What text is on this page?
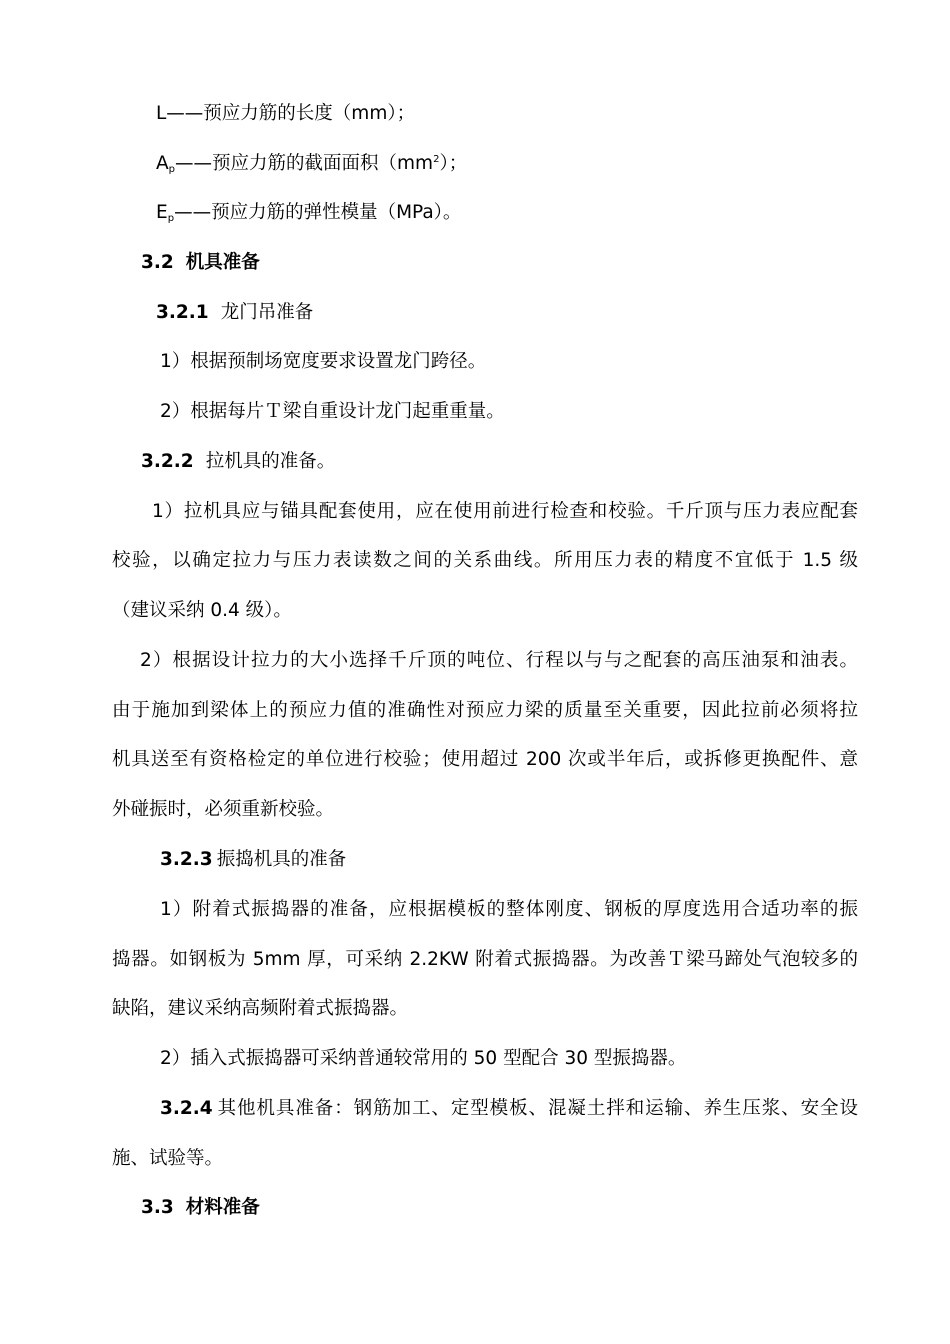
L——预应力筋的长度（mm）；
$A_p——$预应力筋的截面面积$(mm^2)$；
$E_p——$预应力筋的弹性模量（MPa）。
3.2 机具准备
3.2.1 龙门吊准备
1）根据预制场宽度要求设置龙门跨径。
2）根据每片Ｔ梁自重设计龙门起重重量。
3.2.2 拉机具的准备。
1）拉机具应与锚具配套使用，应在使用前进行检查和校验。千斤顶与压力表应配套
校验，以确定拉力与压力表读数之间的关系曲线。所用压力表的精度不宜低于 1.5 级
（建议采纳 0.4 级）。
2）根据设计拉力的大小选择千斤顶的吨位、行程以与与之配套的高压油泵和油表。
由于施加到梁体上的预应力值的准确性对预应力梁的质量至关重要，因此拉前必须将拉
机具送至有资格检定的单位进行校验；使用超过 200 次或半年后，或拆修更换配件、意
外碰振时，必须重新校验。
3.2.3 振捣机具的准备
1）附着式振捣器的准备，应根据模板的整体刚度、钢板的厚度选用合适功率的振
捣器。如钢板为 5mm 厚，可采纳 2.2KW 附着式振捣器。为改善Ｔ梁马蹄处气泡较多的
缺陷，建议采纳高频附着式振捣器。
2）插入式振捣器可采纳普通较常用的 50 型配合 30 型振捣器。
3.2.4 其他机具准备：钢筋加工、定型模板、混凝土拌和运输、养生压浆、安全设
施、试验等。
3.3 材料准备
